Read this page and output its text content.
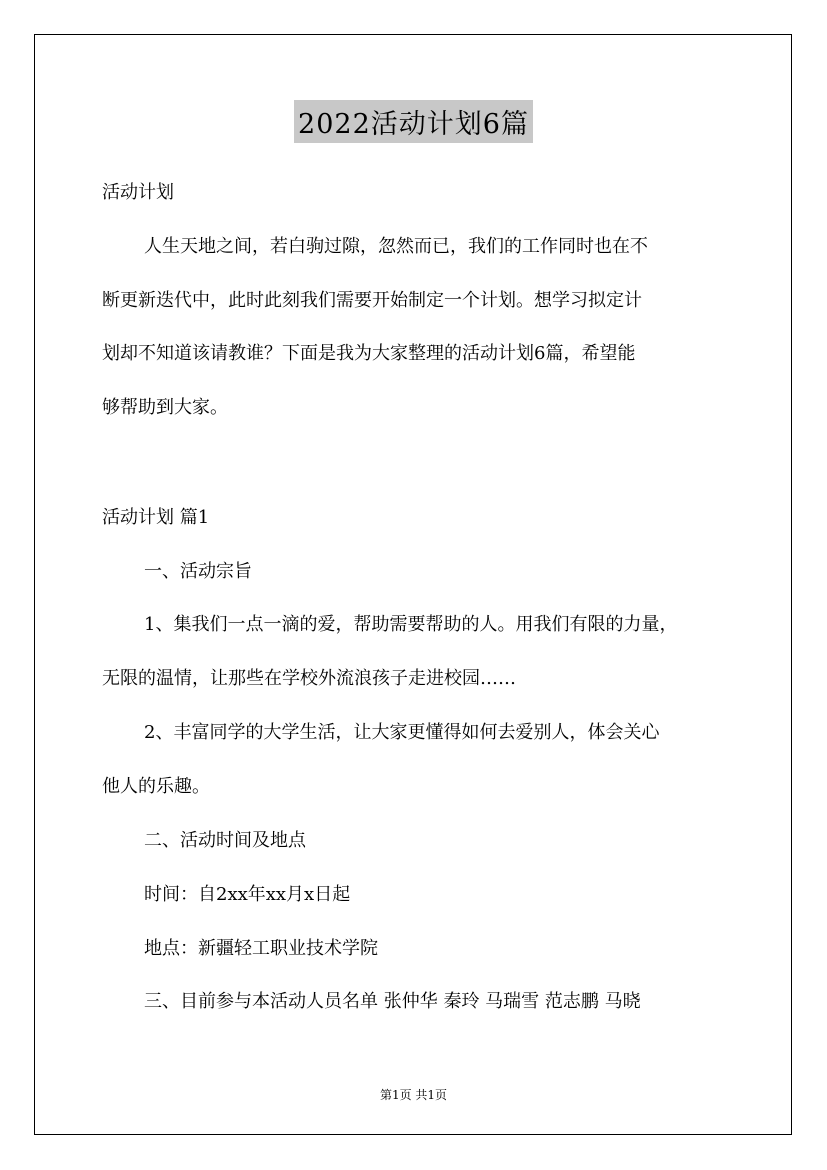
2022活动计划6篇
活动计划
人生天地之间，若白驹过隙，忽然而已，我们的工作同时也在不
断更新迭代中，此时此刻我们需要开始制定一个计划。想学习拟定计
划却不知道该请教谁？下面是我为大家整理的活动计划6篇，希望能
够帮助到大家。
活动计划 篇1
一、活动宗旨
1、集我们一点一滴的爱，帮助需要帮助的人。用我们有限的力量，
无限的温情，让那些在学校外流浪孩子走进校园……
2、丰富同学的大学生活，让大家更懂得如何去爱别人，体会关心
他人的乐趣。
二、活动时间及地点
时间：自2xx年xx月x日起
地点：新疆轻工职业技术学院
三、目前参与本活动人员名单 张仲华 秦玲 马瑞雪 范志鹏 马晓
第1页 共1页
